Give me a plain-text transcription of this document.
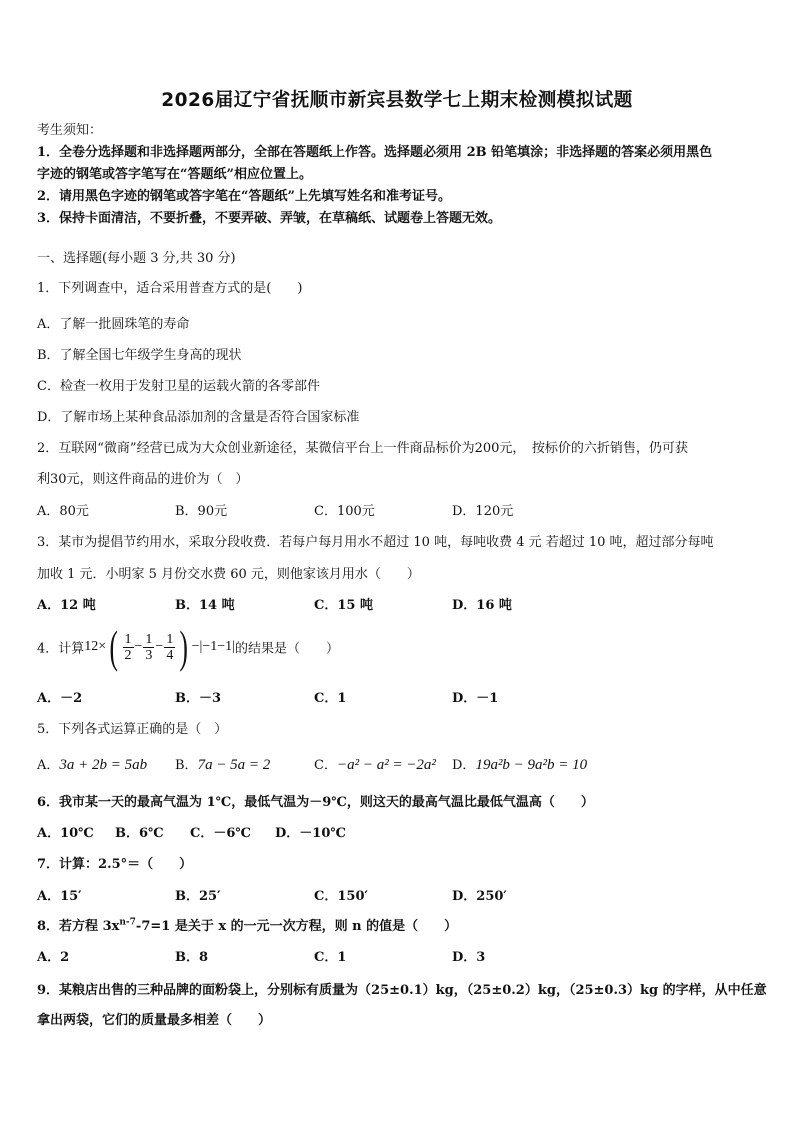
2026届辽宁省抚顺市新宾县数学七上期末检测模拟试题
考生须知：
1．全卷分选择题和非选择题两部分，全部在答题纸上作答。选择题必须用 2B 铅笔填涂；非选择题的答案必须用黑色
字迹的钢笔或答字笔写在“答题纸”相应位置上。
2．请用黑色字迹的钢笔或答字笔在“答题纸”上先填写姓名和准考证号。
3．保持卡面清洁，不要折叠，不要弄破、弄皱，在草稿纸、试题卷上答题无效。
一、选择题(每小题 3 分,共 30 分)
1．下列调查中，适合采用普查方式的是(　　)
A．了解一批圆珠笔的寿命
B．了解全国七年级学生身高的现状
C．检查一枚用于发射卫星的运载火箭的各零部件
D．了解市场上某种食品添加剂的含量是否符合国家标准
2．互联网“微商”经营已成为大众创业新途径，某微信平台上一件商品标价为200元，　按标价的六折销售，仍可获
利30元，则这件商品的进价为（　）
A．80元	B．90元	C．100元	D．120元
3．某市为提倡节约用水，采取分段收费．若每户每月用水不超过 10 吨，每吨收费 4 元 若超过 10 吨，超过部分每吨
加收 1 元．小明家 5 月份交水费 60 元，则他家该月用水（　　）
A．12 吨	B．14 吨	C．15 吨	D．16 吨
4．计算$12\times( \frac{1}{2} - \frac{1}{3} - \frac{1}{4}$ ) −|−1−1|的结果是（　　）
A．－2	B．－3	C．1	D．－1
5．下列各式运算正确的是（　）
A．3a + 2b = 5ab B．7a − 5a = 2	C．−a² − a² = −2a² D．19a²b − 9a²b = 10
6．我市某一天的最高气温为 1℃，最低气温为－9℃，则这天的最高气温比最低气温高（　　）
A．10℃ B．6℃ C．－6℃ D．－10℃
7．计算：2.5°＝（　　）
A．15′	B．25′	C．150′	D．250′
8．若方程 $3x^{n-7}-7=1$ 是关于 x 的一元一次方程，则 n 的值是（　　）
A．2	B．8	C．1	D．3
9．某粮店出售的三种品牌的面粉袋上，分别标有质量为（25±0.1）kg，（25±0.2）kg，（25±0.3）kg 的字样，从中任意
拿出两袋，它们的质量最多相差（　　）
